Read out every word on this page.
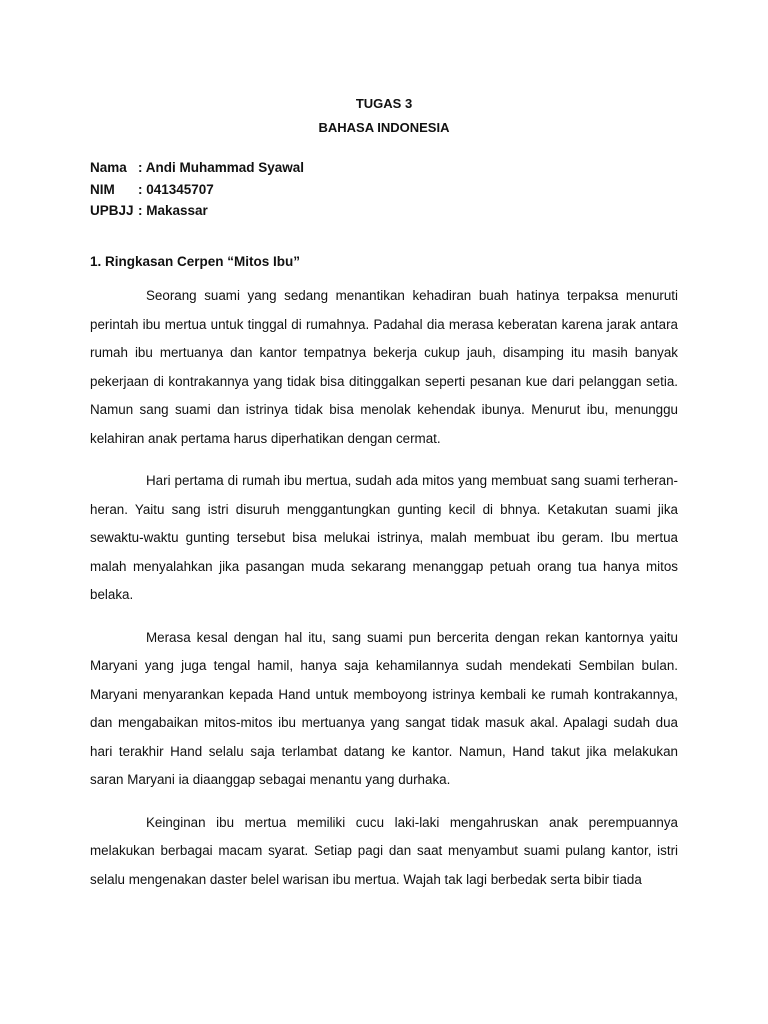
TUGAS 3
BAHASA INDONESIA
Nama : Andi Muhammad Syawal
NIM	: 041345707
UPBJJ : Makassar
1. Ringkasan Cerpen “Mitos Ibu”

Seorang suami yang sedang menantikan kehadiran buah hatinya terpaksa menuruti perintah ibu mertua untuk tinggal di rumahnya. Padahal dia merasa keberatan karena jarak antara rumah ibu mertuanya dan kantor tempatnya bekerja cukup jauh, disamping itu masih banyak pekerjaan di kontrakannya yang tidak bisa ditinggalkan seperti pesanan kue dari pelanggan setia. Namun sang suami dan istrinya tidak bisa menolak kehendak ibunya. Menurut ibu, menunggu kelahiran anak pertama harus diperhatikan dengan cermat.

Hari pertama di rumah ibu mertua, sudah ada mitos yang membuat sang suami terheran-heran. Yaitu sang istri disuruh menggantungkan gunting kecil di bhnya. Ketakutan suami jika sewaktu-waktu gunting tersebut bisa melukai istrinya, malah membuat ibu geram. Ibu mertua malah menyalahkan jika pasangan muda sekarang menanggap petuah orang tua hanya mitos belaka.

Merasa kesal dengan hal itu, sang suami pun bercerita dengan rekan kantornya yaitu Maryani yang juga tengal hamil, hanya saja kehamilannya sudah mendekati Sembilan bulan. Maryani menyarankan kepada Hand untuk memboyong istrinya kembali ke rumah kontrakannya, dan mengabaikan mitos-mitos ibu mertuanya yang sangat tidak masuk akal. Apalagi sudah dua hari terakhir Hand selalu saja terlambat datang ke kantor. Namun, Hand takut jika melakukan saran Maryani ia diaanggap sebagai menantu yang durhaka.

Keinginan ibu mertua memiliki cucu laki-laki mengahruskan anak perempuannya melakukan berbagai macam syarat. Setiap pagi dan saat menyambut suami pulang kantor, istri selalu mengenakan daster belel warisan ibu mertua. Wajah tak lagi berbedak serta bibir tiada
